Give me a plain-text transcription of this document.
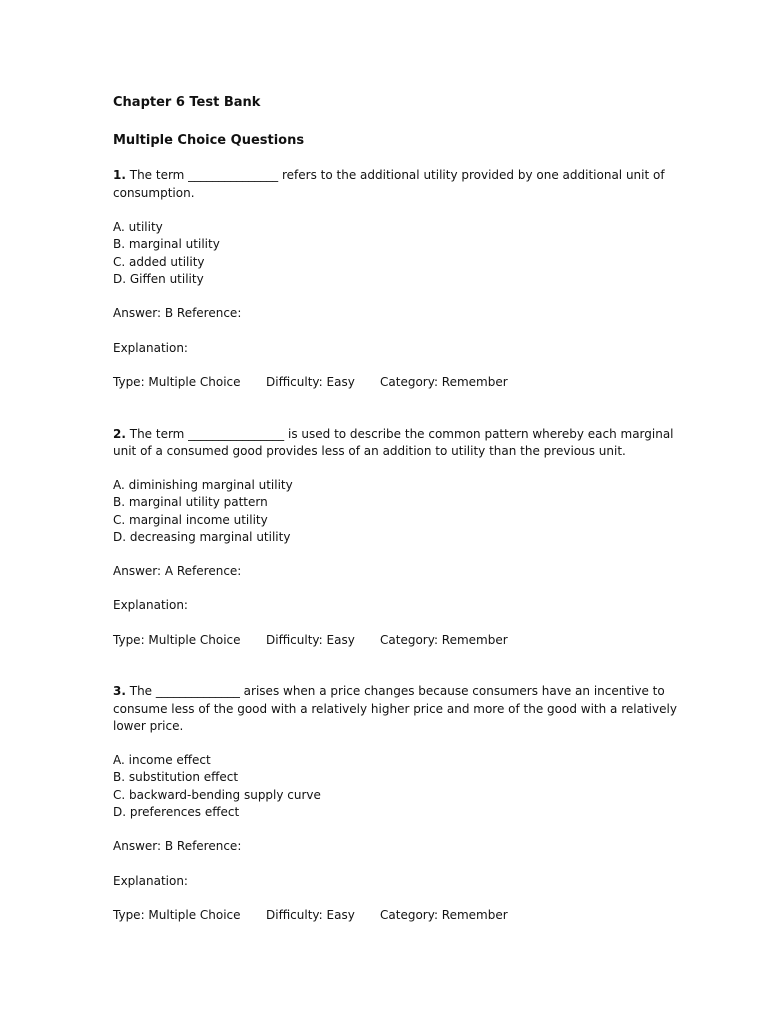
Chapter 6 Test Bank
Multiple Choice Questions
1. The term _______________ refers to the additional utility provided by one additional unit of
consumption.
A. utility
B. marginal utility
C. added utility
D. Giffen utility
Answer: B Reference:
Explanation:
Type: Multiple Choice Difficulty: Easy Category: Remember
2. The term ________________ is used to describe the common pattern whereby each marginal
unit of a consumed good provides less of an addition to utility than the previous unit.
A. diminishing marginal utility
B. marginal utility pattern
C. marginal income utility
D. decreasing marginal utility
Answer: A Reference:
Explanation:
Type: Multiple Choice Difficulty: Easy Category: Remember
3. The ______________ arises when a price changes because consumers have an incentive to
consume less of the good with a relatively higher price and more of the good with a relatively
lower price.
A. income effect
B. substitution effect
C. backward-bending supply curve
D. preferences effect
Answer: B Reference:
Explanation:
Type: Multiple Choice Difficulty: Easy Category: Remember
